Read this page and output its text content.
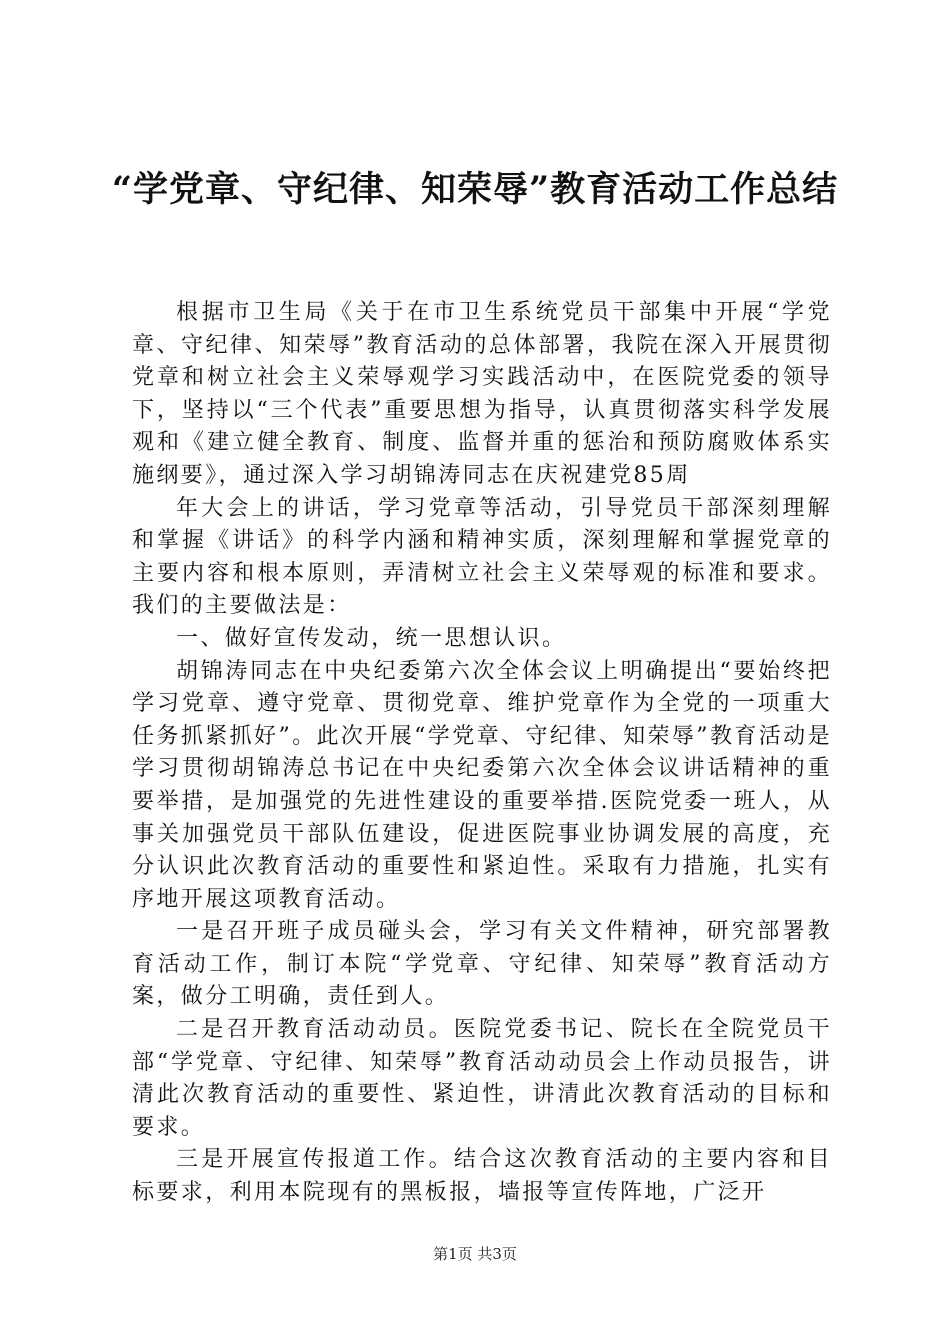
“学党章、守纪律、知荣辱”教育活动工作总结

根据市卫生局《关于在市卫生系统党员干部集中开展“学党章、守纪律、知荣辱”教育活动的总体部署，我院在深入开展贯彻党章和树立社会主义荣辱观学习实践活动中，在医院党委的领导下，坚持以“三个代表”重要思想为指导，认真贯彻落实科学发展观和《建立健全教育、制度、监督并重的惩治和预防腐败体系实施纲要》，通过深入学习胡锦涛同志在庆祝建党85周

年大会上的讲话，学习党章等活动，引导党员干部深刻理解和掌握《讲话》的科学内涵和精神实质，深刻理解和掌握党章的主要内容和根本原则，弄清树立社会主义荣辱观的标准和要求。我们的主要做法是：

一、做好宣传发动，统一思想认识。

胡锦涛同志在中央纪委第六次全体会议上明确提出“要始终把学习党章、遵守党章、贯彻党章、维护党章作为全党的一项重大任务抓紧抓好”。此次开展“学党章、守纪律、知荣辱”教育活动是学习贯彻胡锦涛总书记在中央纪委第六次全体会议讲话精神的重要举措，是加强党的先进性建设的重要举措.医院党委一班人，从事关加强党员干部队伍建设，促进医院事业协调发展的高度，充分认识此次教育活动的重要性和紧迫性。采取有力措施，扎实有序地开展这项教育活动。

一是召开班子成员碰头会，学习有关文件精神，研究部署教育活动工作，制订本院“学党章、守纪律、知荣辱”教育活动方案，做分工明确，责任到人。

二是召开教育活动动员。医院党委书记、院长在全院党员干部“学党章、守纪律、知荣辱”教育活动动员会上作动员报告，讲清此次教育活动的重要性、紧迫性，讲清此次教育活动的目标和要求。

三是开展宣传报道工作。结合这次教育活动的主要内容和目标要求，利用本院现有的黑板报，墙报等宣传阵地，广泛开

第1页 共3页
